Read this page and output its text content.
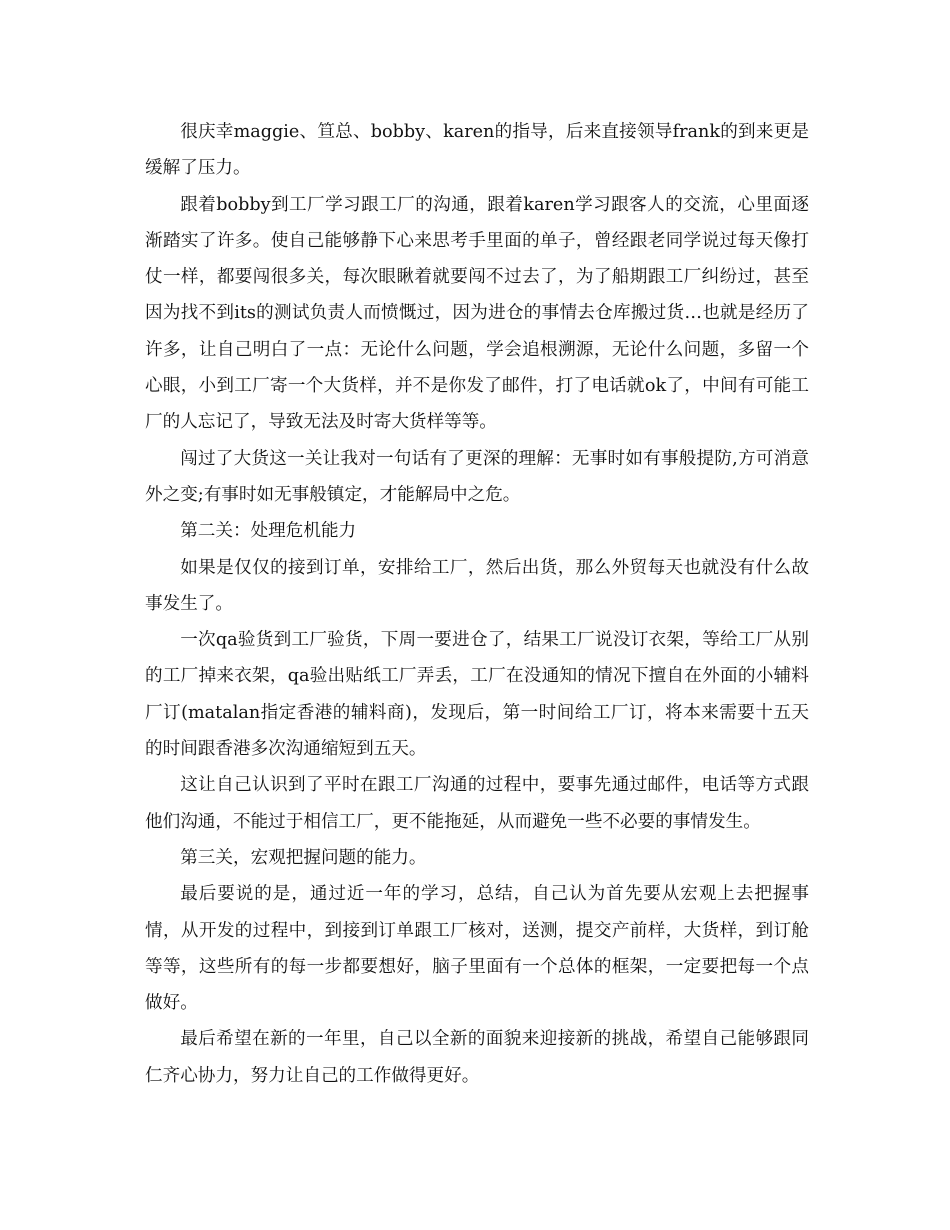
很庆幸maggie、笪总、bobby、karen的指导，后来直接领导frank的到来更是缓解了压力。

跟着bobby到工厂学习跟工厂的沟通，跟着karen学习跟客人的交流，心里面逐渐踏实了许多。使自己能够静下心来思考手里面的单子，曾经跟老同学说过每天像打仗一样，都要闯很多关，每次眼瞅着就要闯不过去了，为了船期跟工厂纠纷过，甚至因为找不到its的测试负责人而愤慨过，因为进仓的事情去仓库搬过货…也就是经历了许多，让自己明白了一点：无论什么问题，学会追根溯源，无论什么问题，多留一个心眼，小到工厂寄一个大货样，并不是你发了邮件，打了电话就ok了，中间有可能工厂的人忘记了，导致无法及时寄大货样等等。

闯过了大货这一关让我对一句话有了更深的理解：无事时如有事般提防,方可消意外之变;有事时如无事般镇定，才能解局中之危。

第二关：处理危机能力

如果是仅仅的接到订单，安排给工厂，然后出货，那么外贸每天也就没有什么故事发生了。

一次qa验货到工厂验货，下周一要进仓了，结果工厂说没订衣架，等给工厂从别的工厂掉来衣架，qa验出贴纸工厂弄丢，工厂在没通知的情况下擅自在外面的小辅料厂订(matalan指定香港的辅料商)，发现后，第一时间给工厂订，将本来需要十五天的时间跟香港多次沟通缩短到五天。

这让自己认识到了平时在跟工厂沟通的过程中，要事先通过邮件，电话等方式跟他们沟通，不能过于相信工厂，更不能拖延，从而避免一些不必要的事情发生。

第三关，宏观把握问题的能力。

最后要说的是，通过近一年的学习，总结，自己认为首先要从宏观上去把握事情，从开发的过程中，到接到订单跟工厂核对，送测，提交产前样，大货样，到订舱等等，这些所有的每一步都要想好，脑子里面有一个总体的框架，一定要把每一个点做好。

最后希望在新的一年里，自己以全新的面貌来迎接新的挑战，希望自己能够跟同仁齐心协力，努力让自己的工作做得更好。
